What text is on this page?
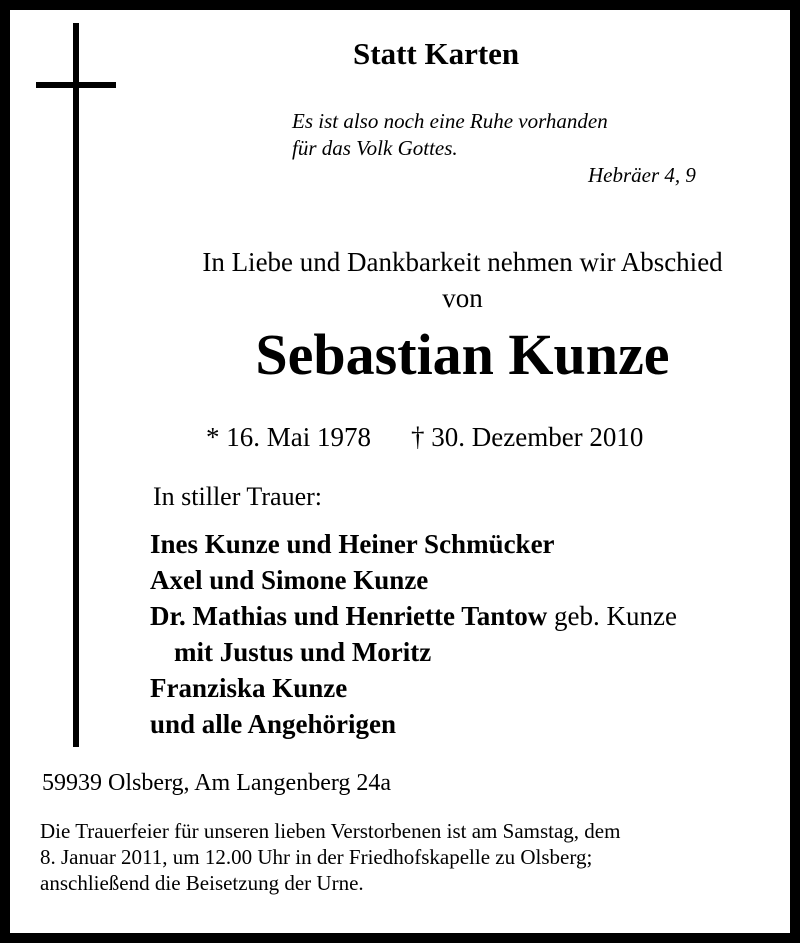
Statt Karten
Es ist also noch eine Ruhe vorhanden
für das Volk Gottes.
Hebräer 4, 9
In Liebe und Dankbarkeit nehmen wir Abschied
von
Sebastian Kunze
* 16. Mai 1978 † 30. Dezember 2010
In stiller Trauer:
Ines Kunze und Heiner Schmücker
Axel und Simone Kunze
Dr. Mathias und Henriette Tantow geb. Kunze
mit Justus und Moritz
Franziska Kunze
und alle Angehörigen
59939 Olsberg, Am Langenberg 24a
Die Trauerfeier für unseren lieben Verstorbenen ist am Samstag, dem
8. Januar 2011, um 12.00 Uhr in der Friedhofskapelle zu Olsberg;
anschließend die Beisetzung der Urne.
